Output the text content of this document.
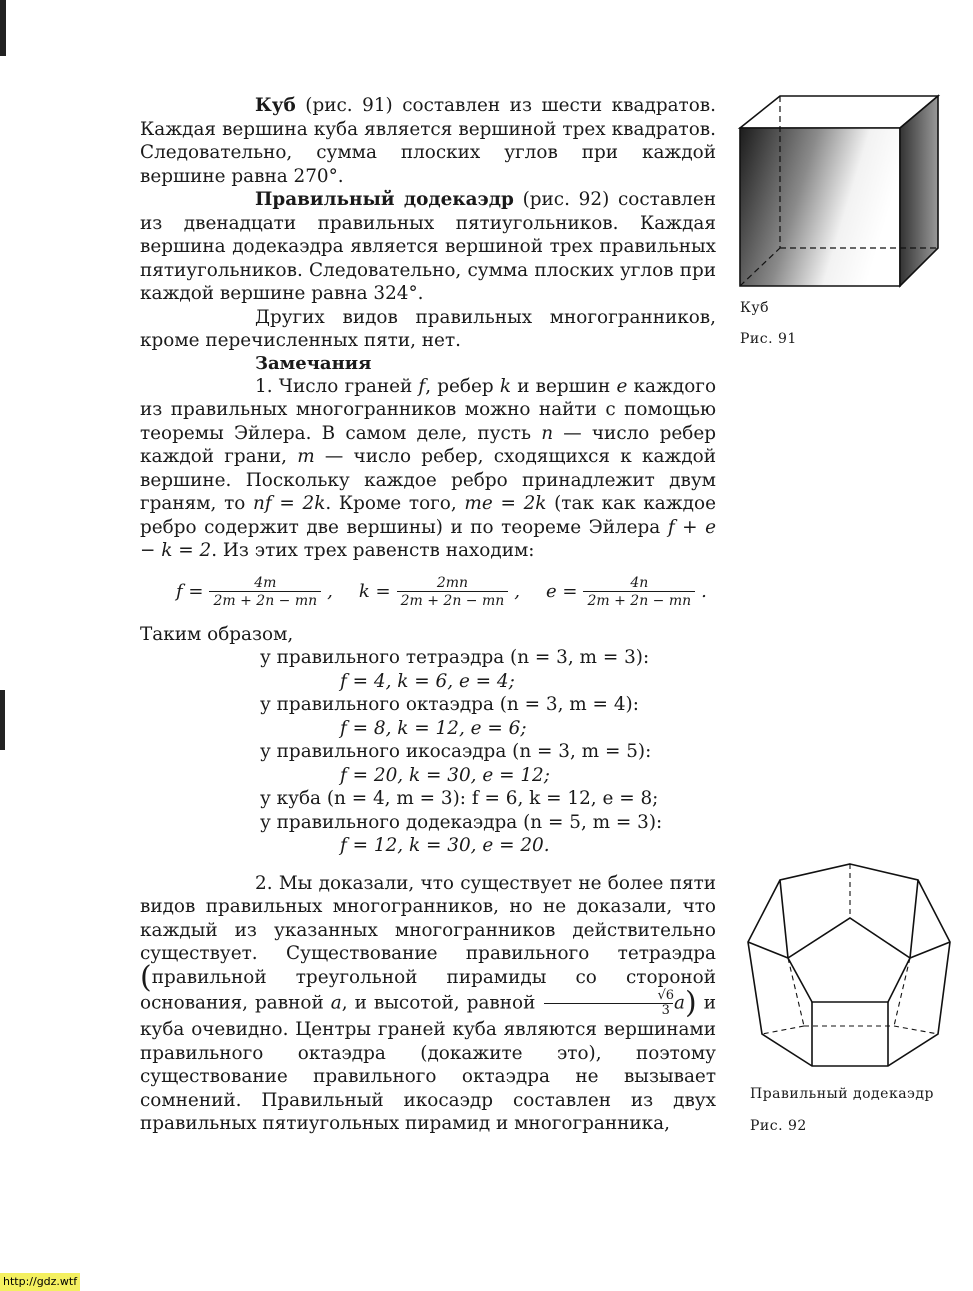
Куб (рис. 91) составлен из шести квадратов. Каждая вершина куба является вершиной трех квадратов. Следовательно, сумма плоских углов при каждой вершине равна 270°.

Правильный додекаэдр (рис. 92) составлен из двенадцати правильных пятиугольников. Каждая вершина додекаэдра является вершиной трех правильных пятиугольников. Следовательно, сумма плоских углов при каждой вершине равна 324°.

Других видов правильных многогранников, кроме перечисленных пяти, нет.

Замечания

1. Число граней f, ребер k и вершин e каждого из правильных многогранников можно найти с помощью теоремы Эйлера. В самом деле, пусть n — число ребер каждой грани, m — число ребер, сходящихся к каждой вершине. Поскольку каждое ребро принадлежит двум граням, то nf = 2k. Кроме того, me = 2k (так как каждое ребро содержит две вершины) и по теореме Эйлера f + e − k = 2. Из этих трех равенств находим:

$f = \frac{4m}{2m + 2n - mn}$ , $k = \frac{2mn}{2m + 2n - mn}$ , $e = \frac{4n}{2m + 2n - mn}$ .

Таким образом,

у правильного тетраэдра (n = 3, m = 3):

f = 4, k = 6, e = 4;

у правильного октаэдра (n = 3, m = 4):

f = 8, k = 12, e = 6;

у правильного икосаэдра (n = 3, m = 5):

f = 20, k = 30, e = 12;

у куба (n = 4, m = 3): f = 6, k = 12, e = 8;

у правильного додекаэдра (n = 5, m = 3):

f = 12, k = 30, e = 20.

2. Мы доказали, что существует не более пяти видов правильных многогранников, но не доказали, что каждый из указанных многогранников действительно существует. Существование правильного тетраэдра (правильной треугольной пирамиды со стороной основания, равной a, и высотой, равной $\frac{√6}{3} a$) и куба очевидно. Центры граней куба являются вершинами правильного октаэдра (докажите это), поэтому существование правильного октаэдра не вызывает сомнений. Правильный икосаэдр составлен из двух правильных пятиугольных пирамид и многогранника,

Куб
Рис. 91
Правильный додекаэдр
Рис. 92
http://gdz.wtf
